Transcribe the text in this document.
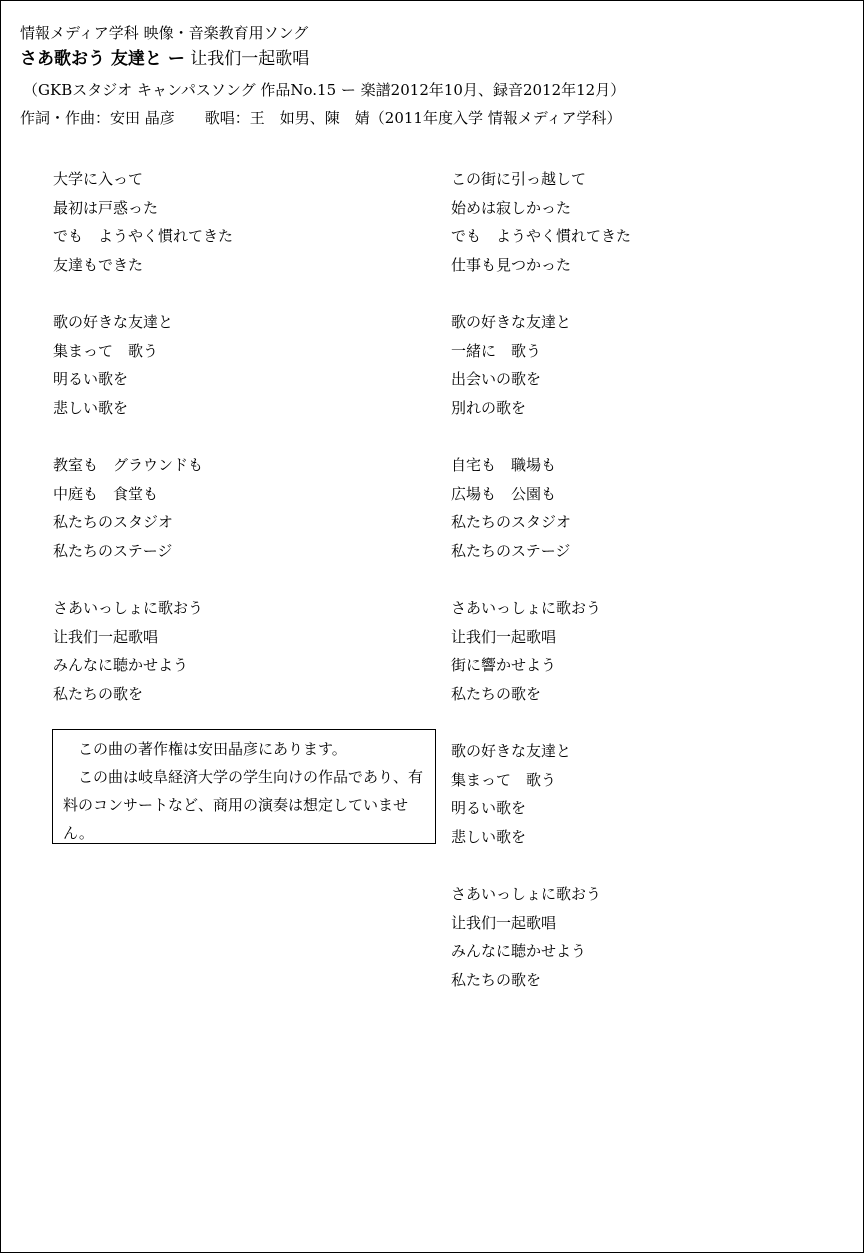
情報メディア学科 映像・音楽教育用ソング
さあ歌おう 友達と ー 让我们一起歌唱
（GKBスタジオ キャンパスソング 作品No.15 ー 楽譜2012年10月、録音2012年12月）
作詞・作曲：安田 晶彦 歌唱：王　如男、陳　婧（2011年度入学 情報メディア学科）
大学に入って
最初は戸惑った
でも　ようやく慣れてきた
友達もできた
歌の好きな友達と
集まって　歌う
明るい歌を
悲しい歌を
教室も　グラウンドも
中庭も　食堂も
私たちのスタジオ
私たちのステージ
さあいっしょに歌おう
让我们一起歌唱
みんなに聴かせよう
私たちの歌を
この街に引っ越して
始めは寂しかった
でも　ようやく慣れてきた
仕事も見つかった
歌の好きな友達と
一緒に　歌う
出会いの歌を
別れの歌を
自宅も　職場も
広場も　公園も
私たちのスタジオ
私たちのステージ
さあいっしょに歌おう
让我们一起歌唱
街に響かせよう
私たちの歌を
歌の好きな友達と
集まって　歌う
明るい歌を
悲しい歌を
さあいっしょに歌おう
让我们一起歌唱
みんなに聴かせよう
私たちの歌を

この曲の著作権は安田晶彦にあります。

この曲は岐阜経済大学の学生向けの作品であり、有料のコンサートなど、商用の演奏は想定していません。
